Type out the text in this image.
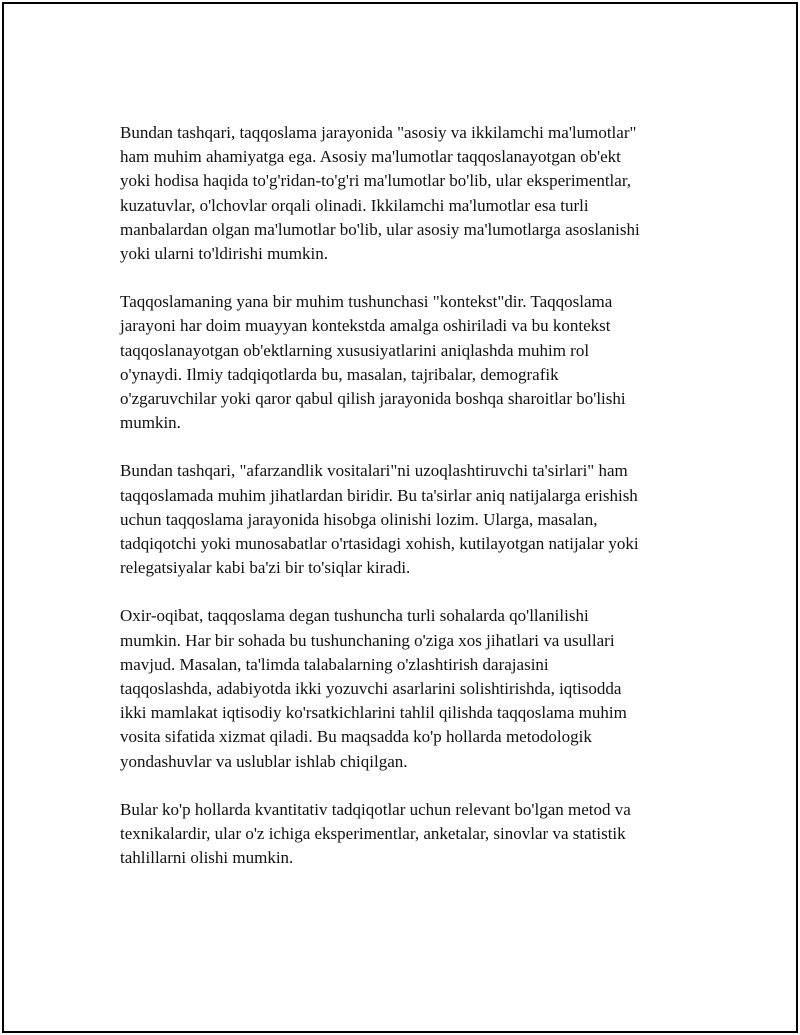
Bundan tashqari, taqqoslama jarayonida "asosiy va ikkilamchi ma'lumotlar"
ham muhim ahamiyatga ega. Asosiy ma'lumotlar taqqoslanayotgan ob'ekt
yoki hodisa haqida to'g'ridan-to'g'ri ma'lumotlar bo'lib, ular eksperimentlar,
kuzatuvlar, o'lchovlar orqali olinadi. Ikkilamchi ma'lumotlar esa turli
manbalardan olgan ma'lumotlar bo'lib, ular asosiy ma'lumotlarga asoslanishi
yoki ularni to'ldirishi mumkin.

Taqqoslamaning yana bir muhim tushunchasi "kontekst"dir. Taqqoslama
jarayoni har doim muayyan kontekstda amalga oshiriladi va bu kontekst
taqqoslanayotgan ob'ektlarning xususiyatlarini aniqlashda muhim rol
o'ynaydi. Ilmiy tadqiqotlarda bu, masalan, tajribalar, demografik
o'zgaruvchilar yoki qaror qabul qilish jarayonida boshqa sharoitlar bo'lishi
mumkin.

Bundan tashqari, "afarzandlik vositalari"ni uzoqlashtiruvchi ta'sirlari" ham
taqqoslamada muhim jihatlardan biridir. Bu ta'sirlar aniq natijalarga erishish
uchun taqqoslama jarayonida hisobga olinishi lozim. Ularga, masalan,
tadqiqotchi yoki munosabatlar o'rtasidagi xohish, kutilayotgan natijalar yoki
relegatsiyalar kabi ba'zi bir to'siqlar kiradi.

Oxir-oqibat, taqqoslama degan tushuncha turli sohalarda qo'llanilishi
mumkin. Har bir sohada bu tushunchaning o'ziga xos jihatlari va usullari
mavjud. Masalan, ta'limda talabalarning o'zlashtirish darajasini
taqqoslashda, adabiyotda ikki yozuvchi asarlarini solishtirishda, iqtisodda
ikki mamlakat iqtisodiy ko'rsatkichlarini tahlil qilishda taqqoslama muhim
vosita sifatida xizmat qiladi. Bu maqsadda ko'p hollarda metodologik
yondashuvlar va uslublar ishlab chiqilgan.

Bular ko'p hollarda kvantitativ tadqiqotlar uchun relevant bo'lgan metod va
texnikalardir, ular o'z ichiga eksperimentlar, anketalar, sinovlar va statistik
tahlillarni olishi mumkin.
